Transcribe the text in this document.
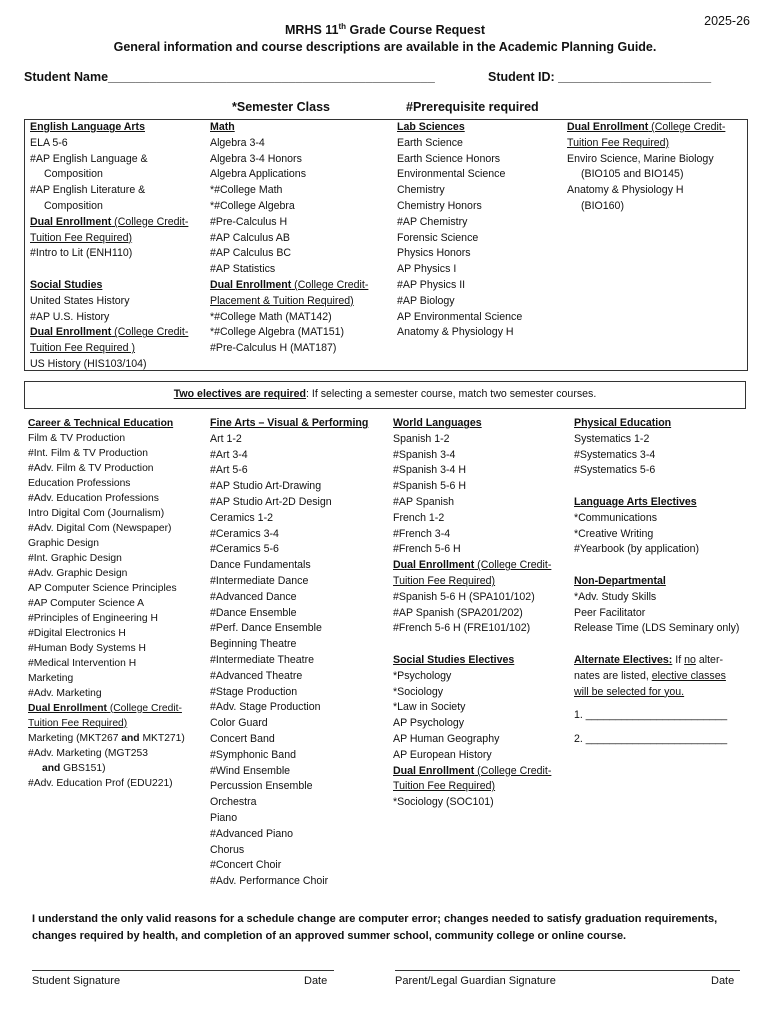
2025-26
MRHS 11th Grade Course Request
General information and course descriptions are available in the Academic Planning Guide.
Student Name_______________________________________________	Student ID: ______________________
*Semester Class	#Prerequisite required
English Language Arts
ELA 5-6
#AP English Language &
Composition
#AP English Literature &
Composition
Dual Enrollment (College Credit-
Tuition Fee Required)
#Intro to Lit (ENH110)
Social Studies
United States History
#AP U.S. History
Dual Enrollment (College Credit-
Tuition Fee Required )
US History (HIS103/104)
Math
Algebra 3-4
Algebra 3-4 Honors
Algebra Applications
*#College Math
*#College Algebra
#Pre-Calculus H
#AP Calculus AB
#AP Calculus BC
#AP Statistics
Dual Enrollment (College Credit-
Placement & Tuition Required)
*#College Math (MAT142)
*#College Algebra (MAT151)
#Pre-Calculus H (MAT187)
Lab Sciences
Earth Science
Earth Science Honors
Environmental Science
Chemistry
Chemistry Honors
#AP Chemistry
Forensic Science
Physics Honors
AP Physics I
#AP Physics II
#AP Biology
AP Environmental Science
Anatomy & Physiology H
Dual Enrollment (College Credit-
Tuition Fee Required)
Enviro Science, Marine Biology
(BIO105 and BIO145)
Anatomy & Physiology H
(BIO160)
Two electives are required: If selecting a semester course, match two semester courses.
Career & Technical Education
Film & TV Production
#Int. Film & TV Production
#Adv. Film & TV Production
Education Professions
#Adv. Education Professions
Intro Digital Com (Journalism)
#Adv. Digital Com (Newspaper)
Graphic Design
#Int. Graphic Design
#Adv. Graphic Design
AP Computer Science Principles
#AP Computer Science A
#Principles of Engineering H
#Digital Electronics H
#Human Body Systems H
#Medical Intervention H
Marketing
#Adv. Marketing
Dual Enrollment (College Credit-
Tuition Fee Required)
Marketing (MKT267 and MKT271)
#Adv. Marketing (MGT253
and GBS151)
#Adv. Education Prof (EDU221)
Fine Arts – Visual & Performing
Art 1-2
#Art 3-4
#Art 5-6
#AP Studio Art-Drawing
#AP Studio Art-2D Design
Ceramics 1-2
#Ceramics 3-4
#Ceramics 5-6
Dance Fundamentals
#Intermediate Dance
#Advanced Dance
#Dance Ensemble
#Perf. Dance Ensemble
Beginning Theatre
#Intermediate Theatre
#Advanced Theatre
#Stage Production
#Adv. Stage Production
Color Guard
Concert Band
#Symphonic Band
#Wind Ensemble
Percussion Ensemble
Orchestra
Piano
#Advanced Piano
Chorus
#Concert Choir
#Adv. Performance Choir
World Languages
Spanish 1-2
#Spanish 3-4
#Spanish 3-4 H
#Spanish 5-6 H
#AP Spanish
French 1-2
#French 3-4
#French 5-6 H
Dual Enrollment (College Credit-
Tuition Fee Required)
#Spanish 5-6 H (SPA101/102)
#AP Spanish (SPA201/202)
#French 5-6 H (FRE101/102)
Social Studies Electives
*Psychology
*Sociology
*Law in Society
AP Psychology
AP Human Geography
AP European History
Dual Enrollment (College Credit-
Tuition Fee Required)
*Sociology (SOC101)
Physical Education
Systematics 1-2
#Systematics 3-4
#Systematics 5-6
Language Arts Electives
*Communications
*Creative Writing
#Yearbook (by application)
Non-Departmental
*Adv. Study Skills
Peer Facilitator
Release Time (LDS Seminary only)
Alternate Electives: If no alter-
nates are listed, elective classes
will be selected for you.
1. ________________________
2. ________________________
I understand the only valid reasons for a schedule change are computer error; changes needed to satisfy graduation requirements, changes required by health, and completion of an approved summer school, community college or online course.
Student Signature	Date	Parent/Legal Guardian Signature	Date
